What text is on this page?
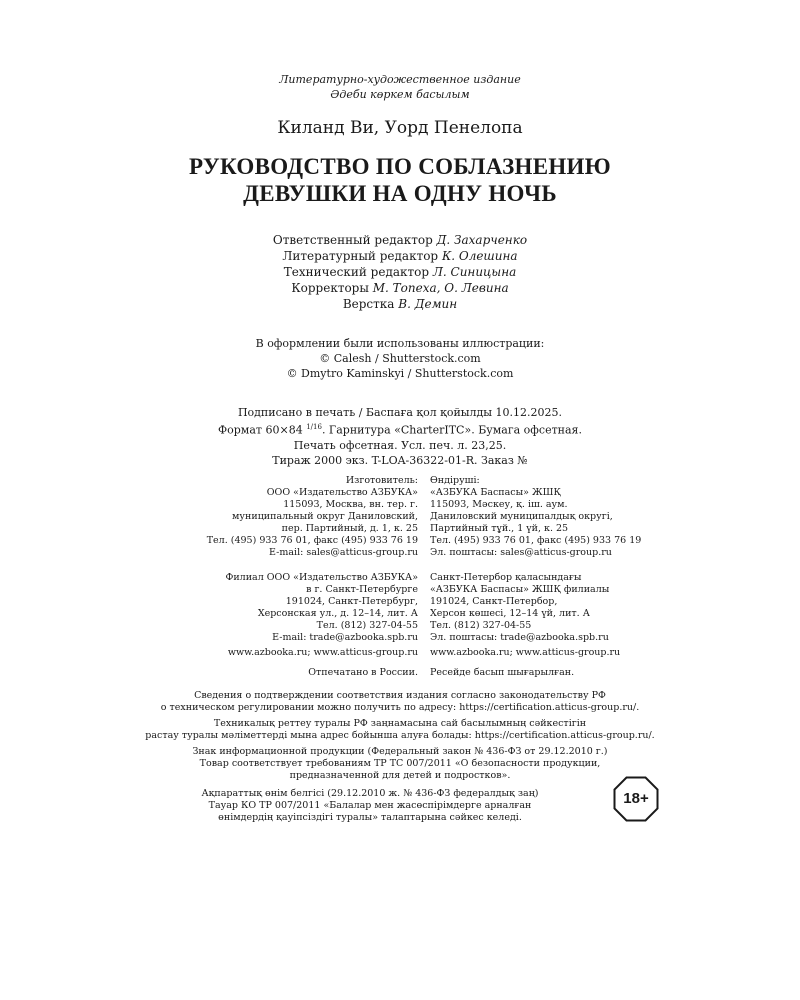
Литературно-художественное издание
Әдеби көркем басылым
Киланд Ви, Уорд Пенелопа
РУКОВОДСТВО ПО СОБЛАЗНЕНИЮ
ДЕВУШКИ НА ОДНУ НОЧЬ
Ответственный редактор Д. Захарченко
Литературный редактор К. Олешина
Технический редактор Л. Синицына
Корректоры М. Топеха, О. Левина
Верстка В. Демин
В оформлении были использованы иллюстрации:
© Calesh / Shutterstock.com
© Dmytro Kaminskyi / Shutterstock.com
Подписано в печать / Баспаға қол қойылды 10.12.2025.
Формат 60×84 $^{1/16}$. Гарнитура «CharterITC». Бумага офсетная.
Печать офсетная. Усл. печ. л. 23,25.
Тираж 2000 экз. T-LOA-36322-01-R. Заказ №
Изготовитель:
ООО «Издательство АЗБУКА»
115093, Москва, вн. тер. г.
муниципальный округ Даниловский,
пер. Партийный, д. 1, к. 25
Тел. (495) 933 76 01, факс (495) 933 76 19
E-mail: sales@atticus-group.ru
Өндіруші:
«АЗБУКА Баспасы» ЖШҚ
115093, Мәскеу, қ. іш. аум.
Даниловский муниципалдық округі,
Партийный тұй., 1 үй, к. 25
Тел. (495) 933 76 01, факс (495) 933 76 19
Эл. поштасы: sales@atticus-group.ru
Филиал ООО «Издательство АЗБУКА»
в г. Санкт-Петербурге
191024, Санкт-Петербург,
Херсонская ул., д. 12–14, лит. А
Тел. (812) 327-04-55
E-mail: trade@azbooka.spb.ru
Санкт-Петербор қаласындағы
«АЗБУКА Баспасы» ЖШҚ филиалы
191024, Санкт-Петербор,
Херсон көшесі, 12–14 үй, лит. А
Тел. (812) 327-04-55
Эл. поштасы: trade@azbooka.spb.ru
www.azbooka.ru; www.atticus-group.ru www.azbooka.ru; www.atticus-group.ru
Отпечатано в России. Ресейде басып шығарылған.
Сведения о подтверждении соответствия издания согласно законодательству РФ
о техническом регулировании можно получить по адресу: https://certification.atticus-group.ru/.
Техникалық реттеу туралы РФ заңнамасына сай басылымның сәйкестігін
растау туралы мәліметтерді мына адрес бойынша алуға болады: https://certification.atticus-group.ru/.
Знак информационной продукции (Федеральный закон № 436-ФЗ от 29.12.2010 г.)
Товар соответствует требованиям ТР ТС 007/2011 «О безопасности продукции,
предназначенной для детей и подростков».
Ақпараттық өнім белгісі (29.12.2010 ж. № 436-ФЗ федералдық заң)
Тауар КО ТР 007/2011 «Балалар мен жасөспірімдерге арналған
өнімдердің қауіпсіздігі туралы» талаптарына сәйкес келеді.
18+
